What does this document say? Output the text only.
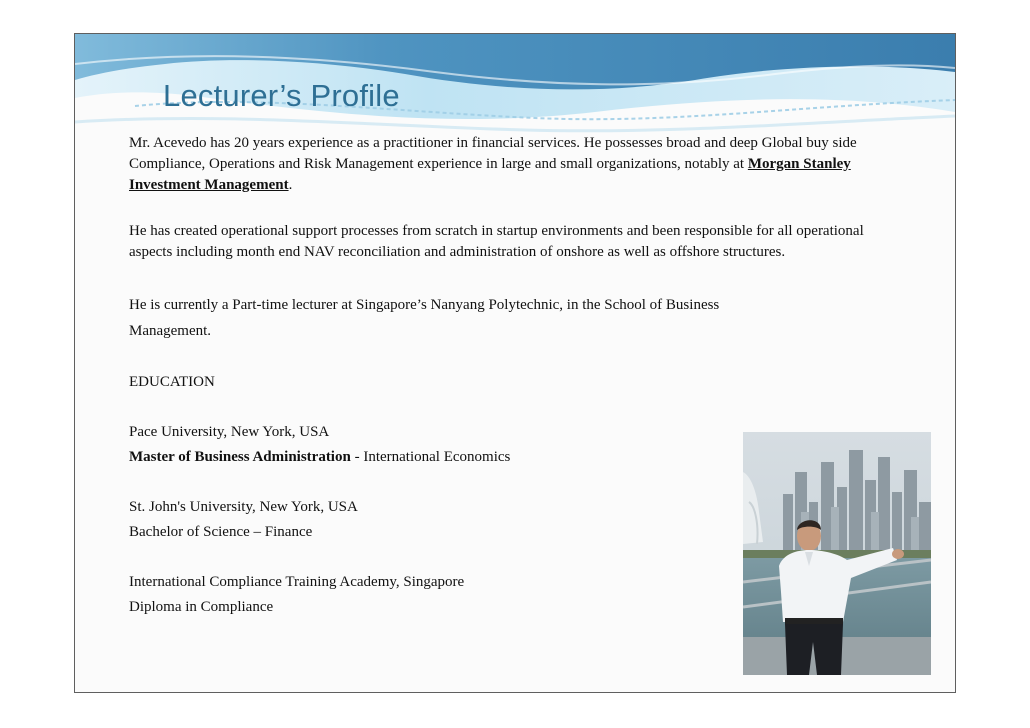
Lecturer’s Profile

Mr. Acevedo has 20 years experience as a practitioner in financial services. He possesses broad and deep Global buy side Compliance, Operations and Risk Management experience in large and small organizations, notably at Morgan Stanley Investment Management.

He has created operational support processes from scratch in startup environments and been responsible for all operational aspects including month end NAV reconciliation and administration of onshore as well as offshore structures.

He is currently a Part-time lecturer at Singapore’s Nanyang Polytechnic, in the School of Business

Management.

EDUCATION

Pace University, New York, USA

Master of Business Administration - International Economics

St. John's University, New York, USA

Bachelor of Science – Finance

International Compliance Training Academy, Singapore

Diploma in Compliance
